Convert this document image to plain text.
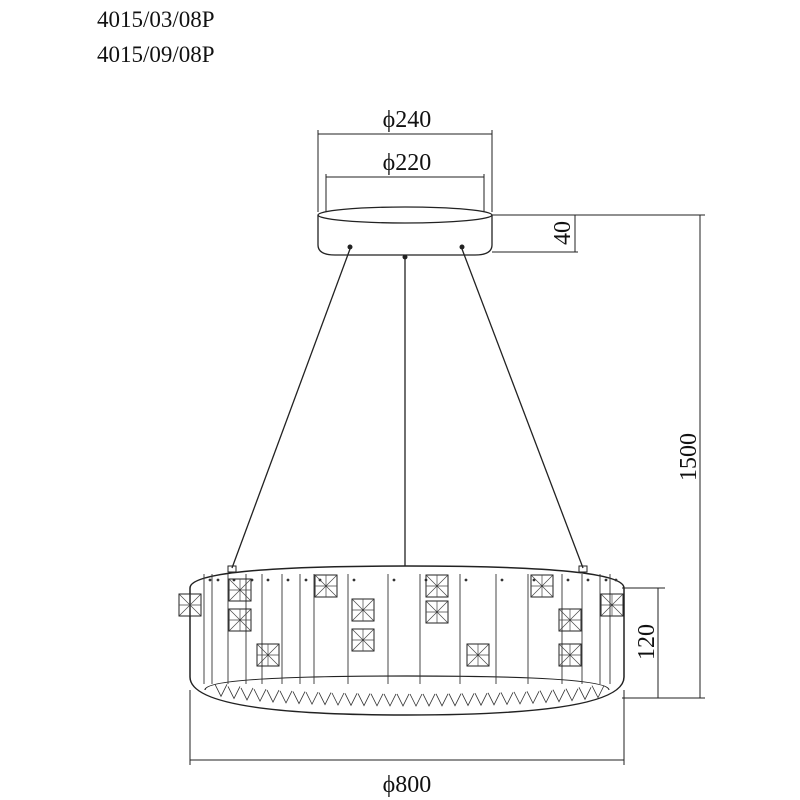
4015/03/08P
4015/09/08P
ϕ240
ϕ220
40
1500
120
ϕ800
